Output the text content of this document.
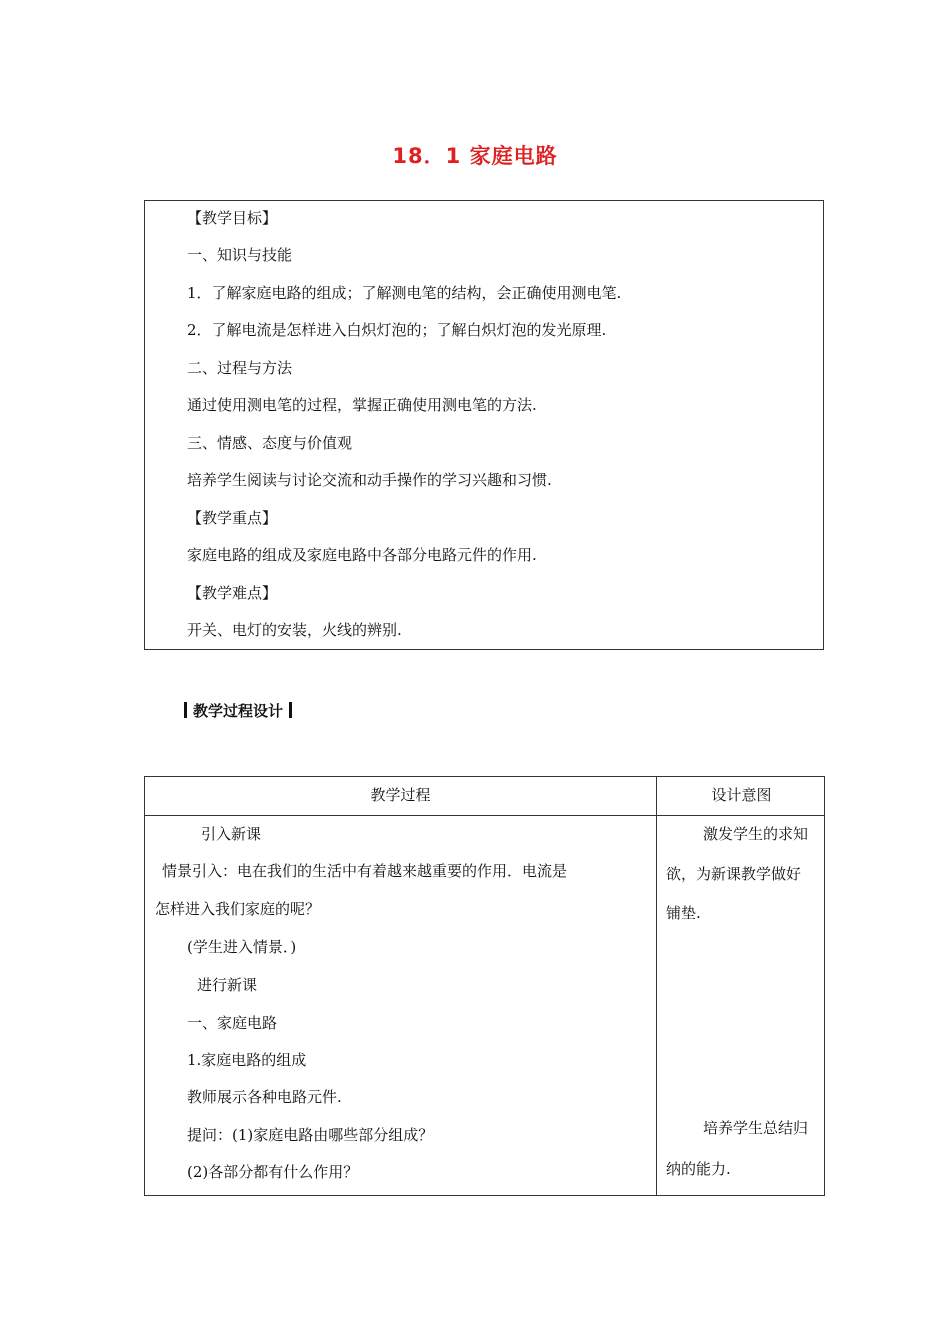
18．1 家庭电路
【教学目标】
一、知识与技能
1．了解家庭电路的组成；了解测电笔的结构，会正确使用测电笔.
2．了解电流是怎样进入白炽灯泡的；了解白炽灯泡的发光原理.
二、过程与方法
通过使用测电笔的过程，掌握正确使用测电笔的方法.
三、情感、态度与价值观
培养学生阅读与讨论交流和动手操作的学习兴趣和习惯.
【教学重点】
家庭电路的组成及家庭电路中各部分电路元件的作用.
【教学难点】
开关、电灯的安装，火线的辨别.
教学过程设计
教学过程	设计意图
引入新课
情景引入：电在我们的生活中有着越来越重要的作用．电流是
怎样进入我们家庭的呢？
(学生进入情景．)
进行新课
一、家庭电路
1.家庭电路的组成
教师展示各种电路元件.
提问：(1)家庭电路由哪些部分组成？
(2)各部分都有什么作用？
激发学生的求知
欲，为新课教学做好
铺垫.
培养学生总结归
纳的能力.
